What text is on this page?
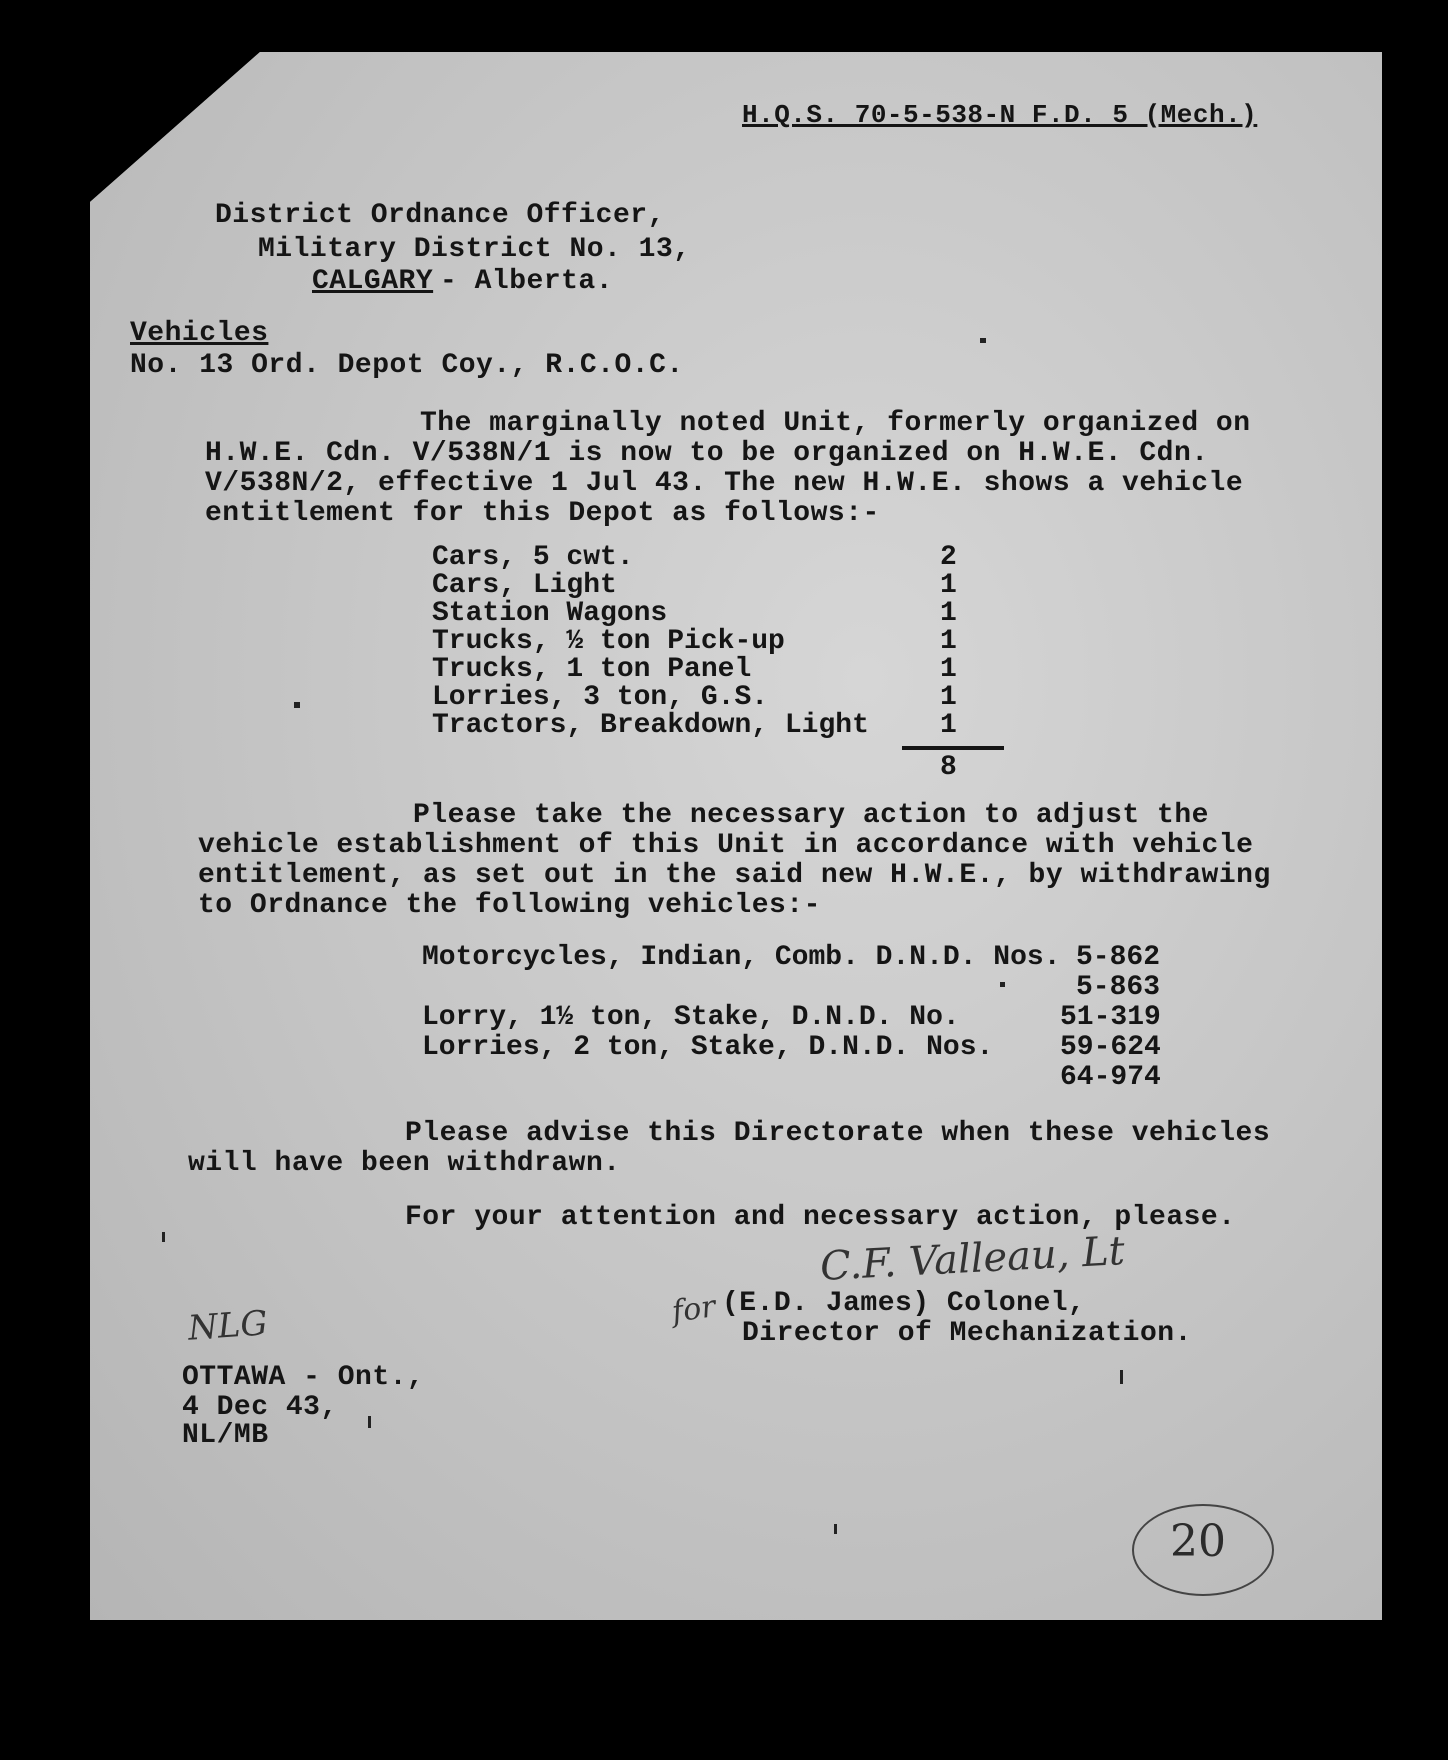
H.Q.S. 70-5-538-N F.D. 5 (Mech.)
District Ordnance Officer,
Military District No. 13,
CALGARY - Alberta.
Vehicles
No. 13 Ord. Depot Coy., R.C.O.C.
The marginally noted Unit, formerly organized on
H.W.E. Cdn. V/538N/1 is now to be organized on H.W.E. Cdn.
V/538N/2, effective 1 Jul 43. The new H.W.E. shows a vehicle
entitlement for this Depot as follows:-
Cars, 5 cwt.	2
Cars, Light	1
Station Wagons	1
Trucks, ½ ton Pick-up	1
Trucks, 1 ton Panel	1
Lorries, 3 ton, G.S.	1
Tractors, Breakdown, Light	1
8
Please take the necessary action to adjust the
vehicle establishment of this Unit in accordance with vehicle
entitlement, as set out in the said new H.W.E., by withdrawing
to Ordnance the following vehicles:-
Motorcycles, Indian, Comb. D.N.D. Nos. 5-862
5-863
Lorry, 1½ ton, Stake, D.N.D. No.	51-319
Lorries, 2 ton, Stake, D.N.D. Nos. 59-624
64-974
Please advise this Directorate when these vehicles
will have been withdrawn.
For your attention and necessary action, please.
C.F. Valleau, Lt
for (E.D. James) Colonel,
Director of Mechanization.
NLG
OTTAWA - Ont.,
4 Dec 43,
NL/MB
20
